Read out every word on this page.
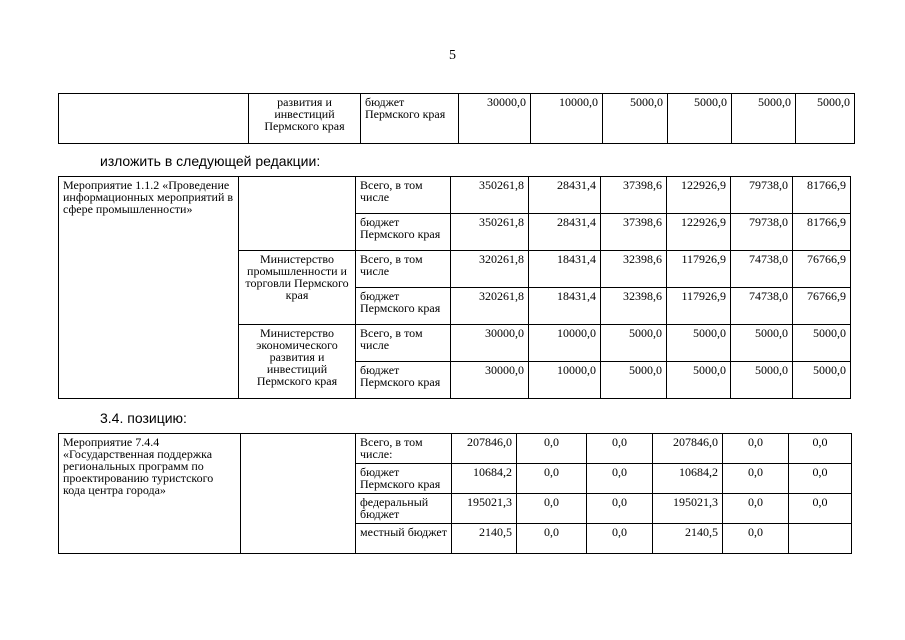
5
	развития и инвестиций Пермского края	бюджет Пермского края	30000,0	10000,0	5000,0	5000,0	5000,0	5000,0
изложить в следующей редакции:
Мероприятие 1.1.2 «Проведение информационных мероприятий в сфере промышленности»		Всего, в том числе	350261,8	28431,4	37398,6	122926,9	79738,0	81766,9
		бюджет Пермского края	350261,8	28431,4	37398,6	122926,9	79738,0	81766,9
	Министерство промышленности и торговли Пермского края	Всего, в том числе	320261,8	18431,4	32398,6	117926,9	74738,0	76766,9
		бюджет Пермского края	320261,8	18431,4	32398,6	117926,9	74738,0	76766,9
	Министерство экономического развития и инвестиций Пермского края	Всего, в том числе	30000,0	10000,0	5000,0	5000,0	5000,0	5000,0
		бюджет Пермского края	30000,0	10000,0	5000,0	5000,0	5000,0	5000,0
3.4. позицию:
Мероприятие 7.4.4 «Государственная поддержка региональных программ по проектированию туристского кода центра города»		Всего, в том числе:	207846,0	0,0	0,0	207846,0	0,0	0,0
		бюджет Пермского края	10684,2	0,0	0,0	10684,2	0,0	0,0
		федеральный бюджет	195021,3	0,0	0,0	195021,3	0,0	0,0
		местный бюджет	2140,5	0,0	0,0	2140,5	0,0	
